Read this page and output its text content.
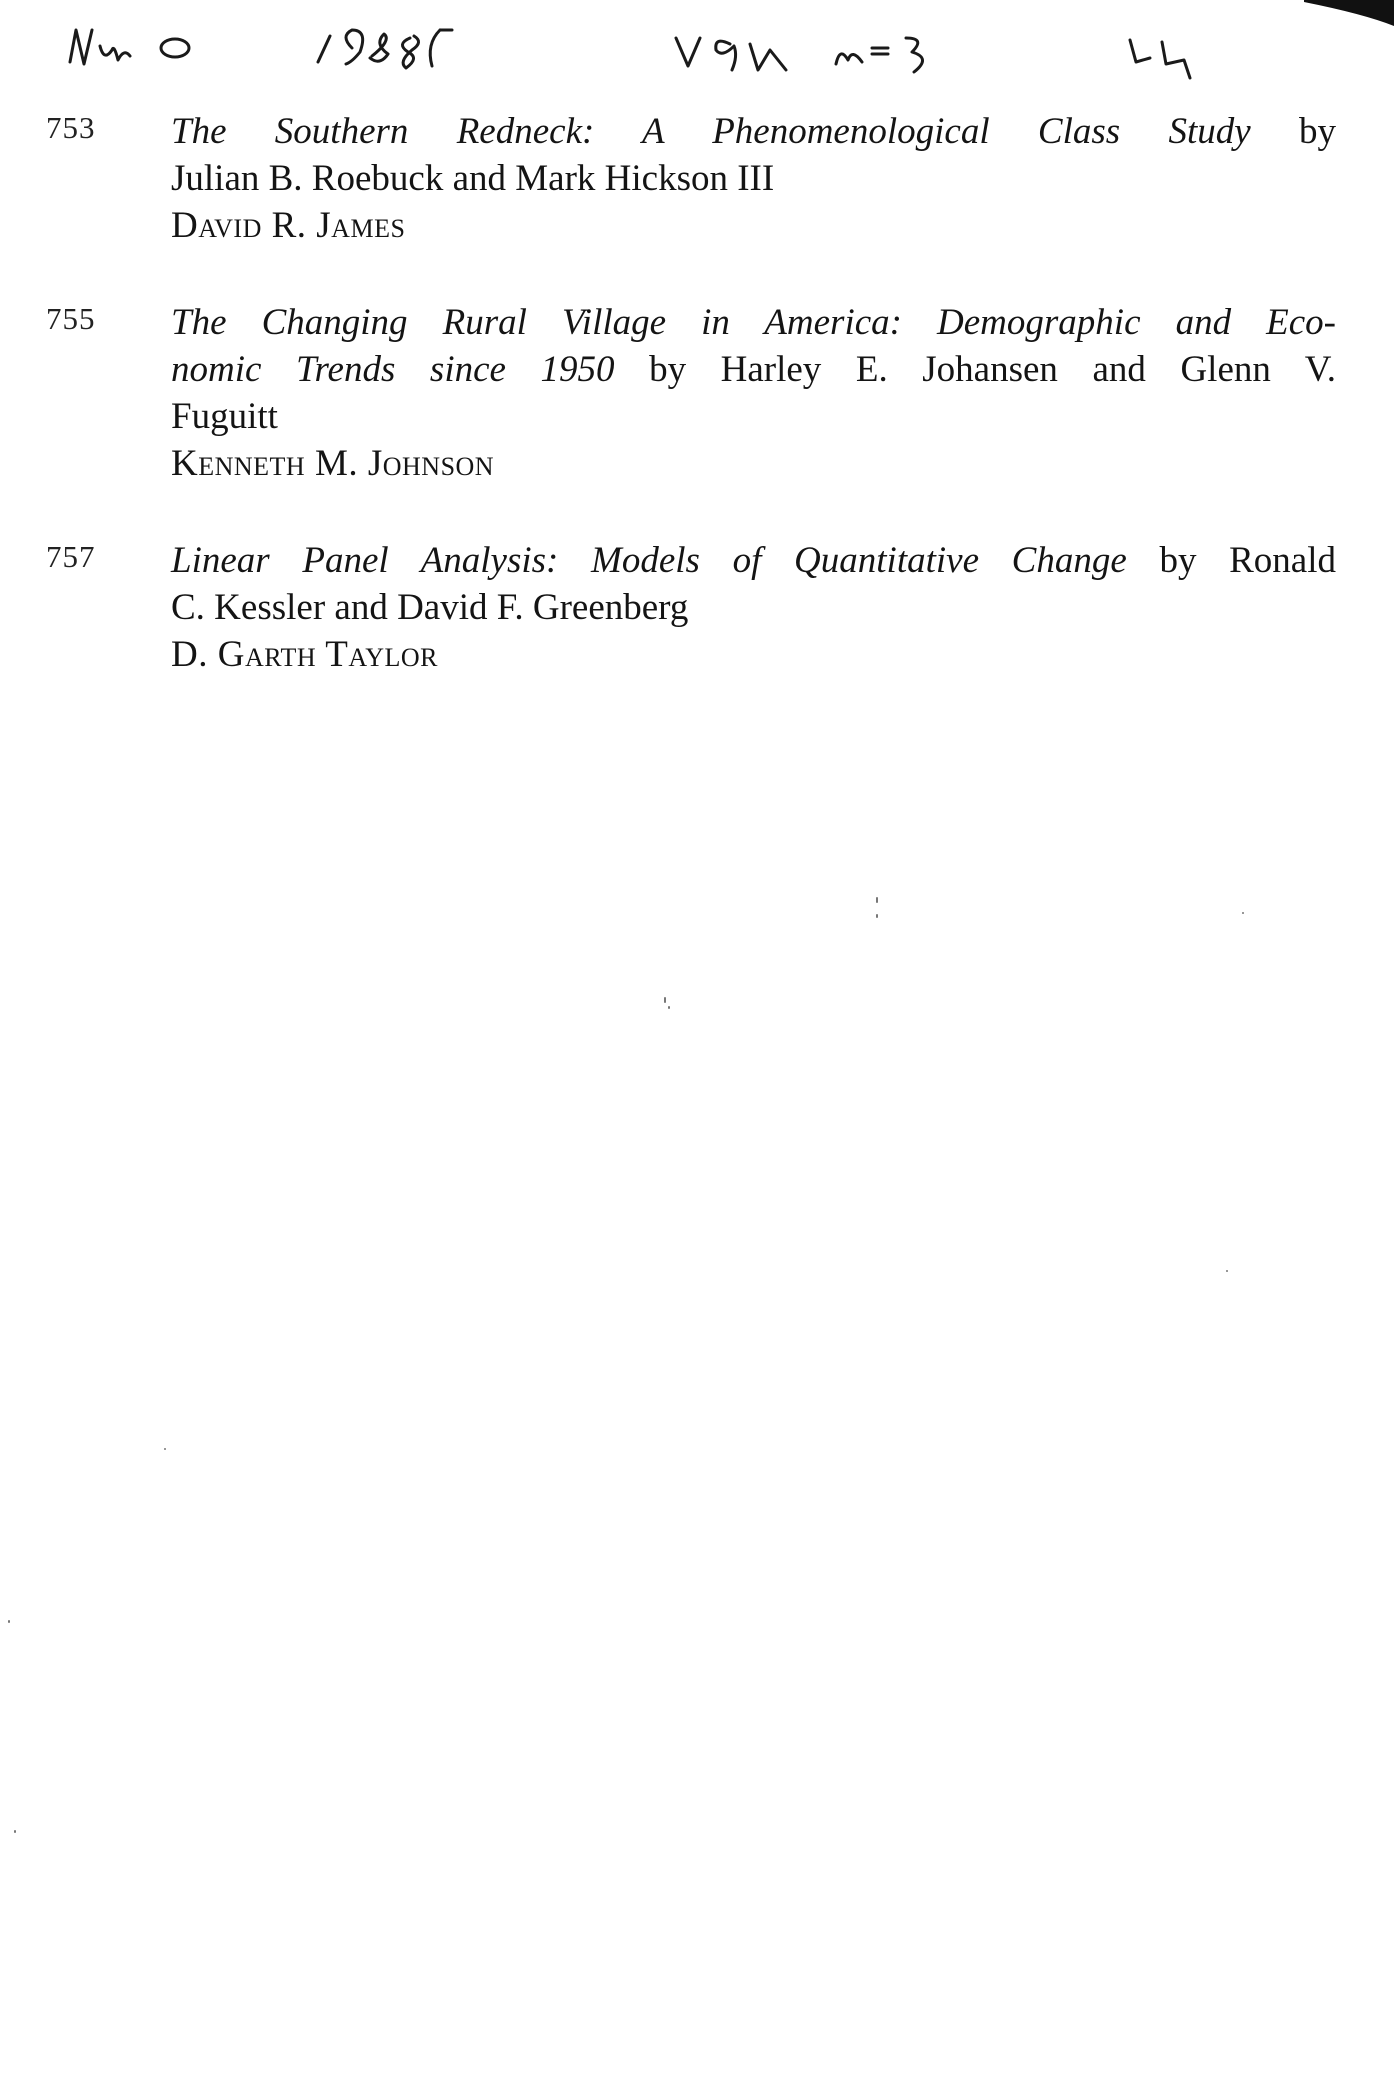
Nuo 1985 V91 n°3 LL
753 The Southern Redneck: A Phenomenological Class Study by
Julian B. Roebuck and Mark Hickson III
David R. James
755 The Changing Rural Village in America: Demographic and Eco-
nomic Trends since 1950 by Harley E. Johansen and Glenn V.
Fuguitt
Kenneth M. Johnson
757 Linear Panel Analysis: Models of Quantitative Change by Ronald
C. Kessler and David F. Greenberg
D. Garth Taylor
